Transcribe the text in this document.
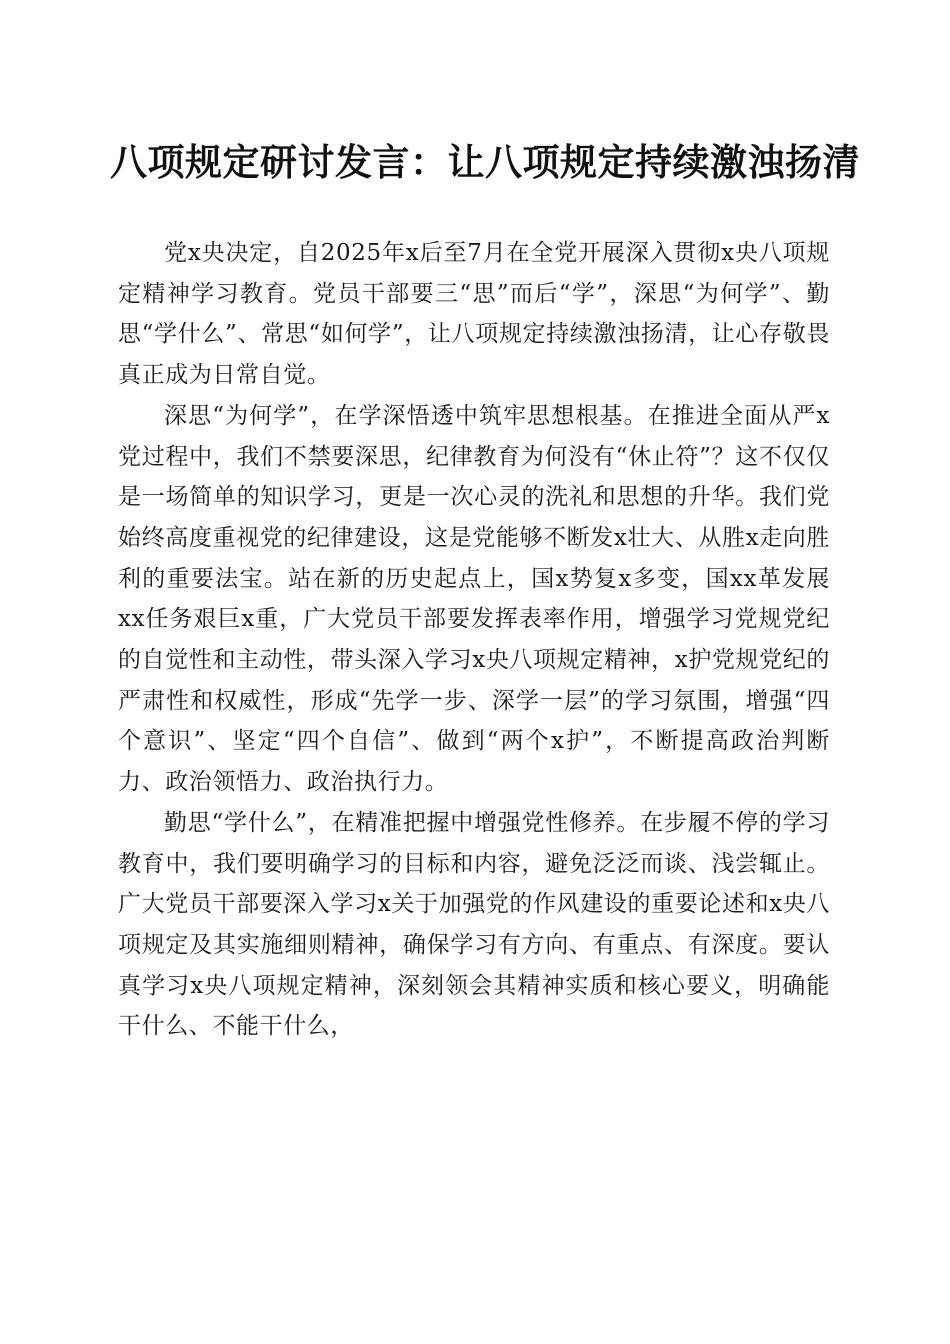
八项规定研讨发言：让八项规定持续激浊扬清

党x央决定，自2025年x后至7月在全党开展深入贯彻x央八项规定精神学习教育。党员干部要三“思”而后“学”，深思“为何学”、勤思“学什么”、常思“如何学”，让八项规定持续激浊扬清，让心存敬畏真正成为日常自觉。

深思“为何学”，在学深悟透中筑牢思想根基。在推进全面从严x党过程中，我们不禁要深思，纪律教育为何没有“休止符”？这不仅仅是一场简单的知识学习，更是一次心灵的洗礼和思想的升华。我们党始终高度重视党的纪律建设，这是党能够不断发x壮大、从胜x走向胜利的重要法宝。站在新的历史起点上，国x势复x多变，国xx革发展xx任务艰巨x重，广大党员干部要发挥表率作用，增强学习党规党纪的自觉性和主动性，带头深入学习x央八项规定精神，x护党规党纪的严肃性和权威性，形成“先学一步、深学一层”的学习氛围，增强“四个意识”、坚定“四个自信”、做到“两个x护”，不断提高政治判断力、政治领悟力、政治执行力。

勤思“学什么”，在精准把握中增强党性修养。在步履不停的学习教育中，我们要明确学习的目标和内容，避免泛泛而谈、浅尝辄止。广大党员干部要深入学习x关于加强党的作风建设的重要论述和x央八项规定及其实施细则精神，确保学习有方向、有重点、有深度。要认真学习x央八项规定精神，深刻领会其精神实质和核心要义，明确能干什么、不能干什么，
